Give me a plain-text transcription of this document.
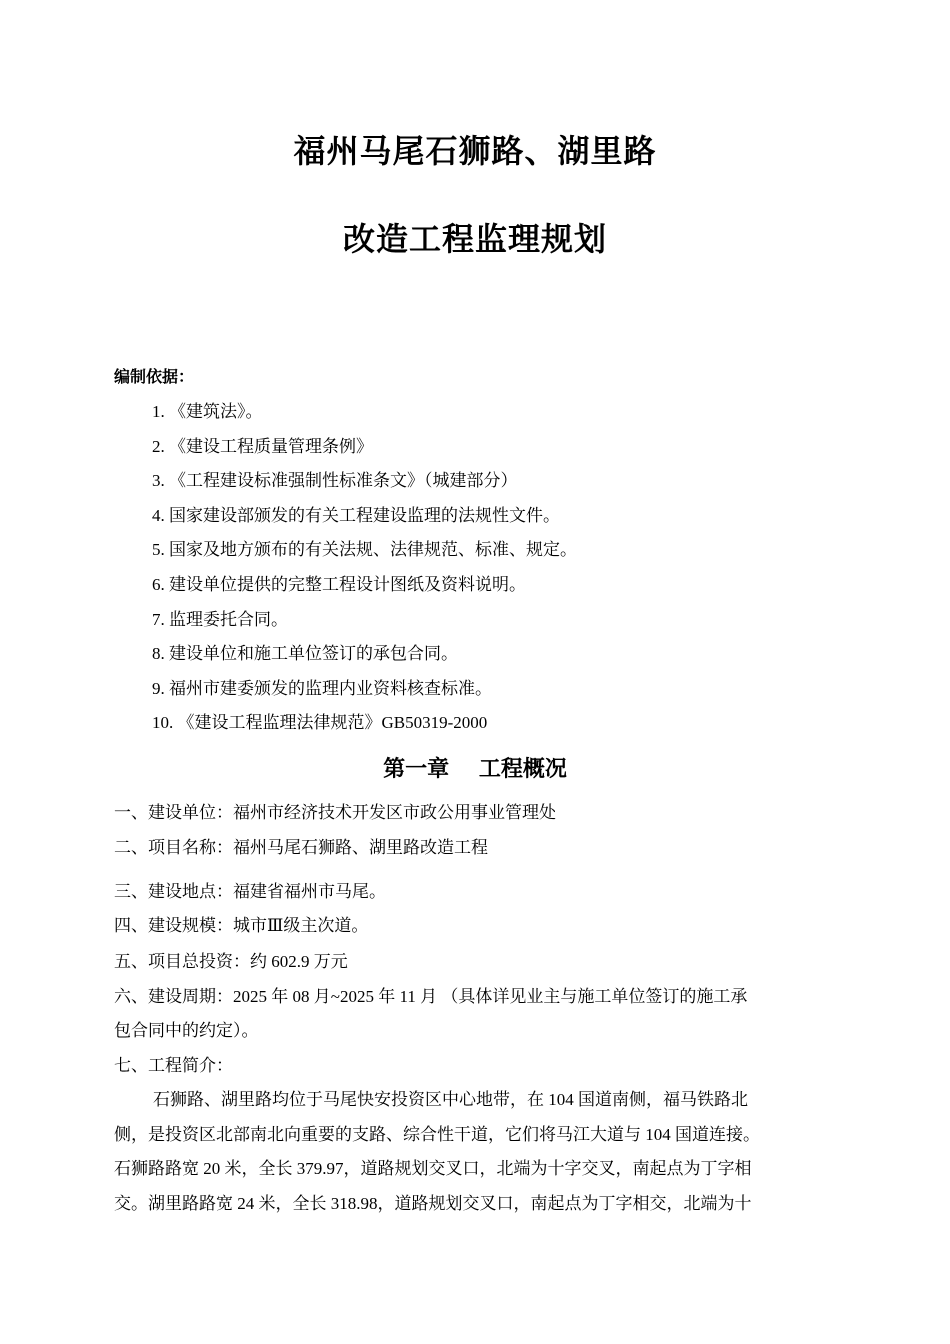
福州马尾石狮路、湖里路
改造工程监理规划
编制依据：
1. 《建筑法》。
2. 《建设工程质量管理条例》
3. 《工程建设标准强制性标准条文》（城建部分）
4. 国家建设部颁发的有关工程建设监理的法规性文件。
5. 国家及地方颁布的有关法规、法律规范、标准、规定。
6. 建设单位提供的完整工程设计图纸及资料说明。
7. 监理委托合同。
8. 建设单位和施工单位签订的承包合同。
9. 福州市建委颁发的监理内业资料核查标准。
10. 《建设工程监理法律规范》GB50319-2000
第一章　 工程概况
一、建设单位：福州市经济技术开发区市政公用事业管理处
二、项目名称：福州马尾石狮路、湖里路改造工程
三、建设地点：福建省福州市马尾。
四、建设规模：城市Ⅲ级主次道。
五、项目总投资：约 602.9 万元
六、建设周期：2025 年 08 月~2025 年 11 月 （具体详见业主与施工单位签订的施工承
包合同中的约定）。
七、工程简介：
石狮路、湖里路均位于马尾快安投资区中心地带，在 104 国道南侧，福马铁路北
侧，是投资区北部南北向重要的支路、综合性干道，它们将马江大道与 104 国道连接。
石狮路路宽 20 米，全长 379.97，道路规划交叉口，北端为十字交叉，南起点为丁字相
交。湖里路路宽 24 米，全长 318.98，道路规划交叉口，南起点为丁字相交，北端为十
